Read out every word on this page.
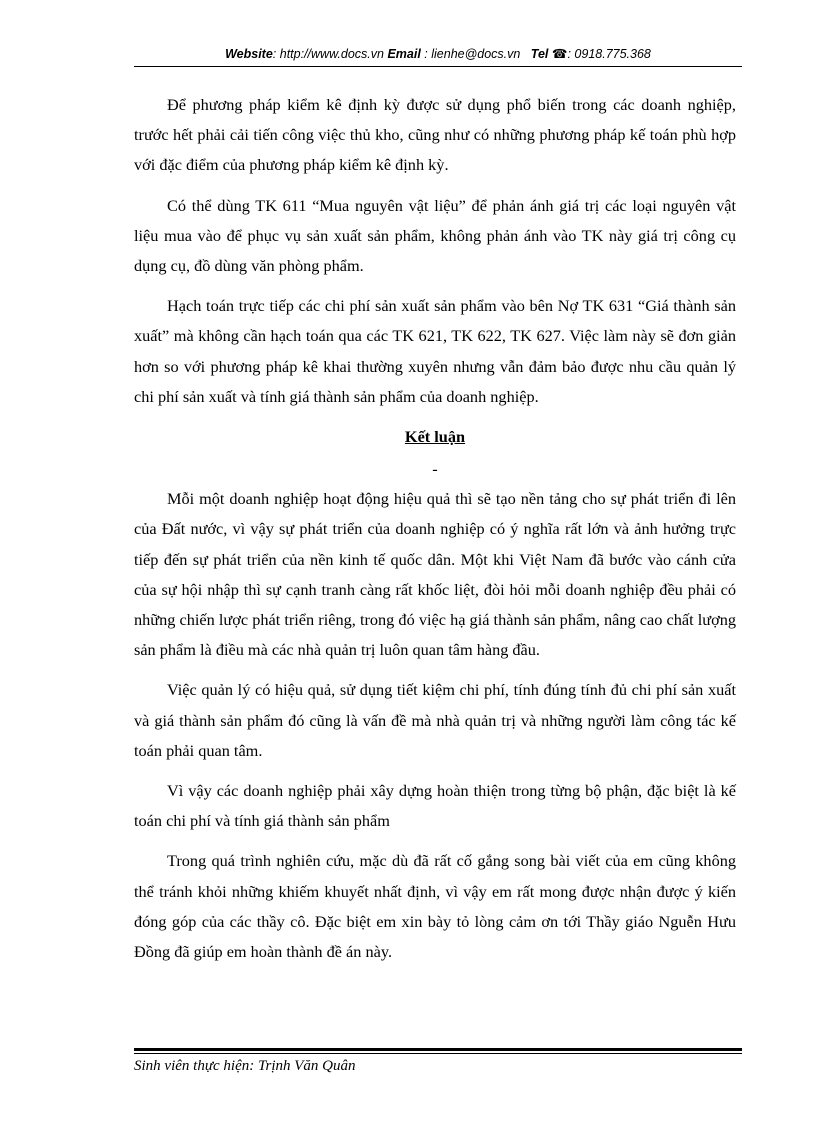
Website: http://www.docs.vn Email : lienhe@docs.vn Tel ☎: 0918.775.368

Để phương pháp kiểm kê định kỳ được sử dụng phổ biến trong các doanh nghiệp, trước hết phải cải tiến công việc thủ kho, cũng như có những phương pháp kế toán phù hợp với đặc điểm của phương pháp kiểm kê định kỳ.

Có thể dùng TK 611 “Mua nguyên vật liệu” để phản ánh giá trị các loại nguyên vật liệu mua vào để phục vụ sản xuất sản phẩm, không phản ánh vào TK này giá trị công cụ dụng cụ, đồ dùng văn phòng phẩm.

Hạch toán trực tiếp các chi phí sản xuất sản phẩm vào bên Nợ TK 631 “Giá thành sản xuất” mà không cần hạch toán qua các TK 621, TK 622, TK 627. Việc làm này sẽ đơn giản hơn so với phương pháp kê khai thường xuyên nhưng vẫn đảm bảo được nhu cầu quản lý chi phí sản xuất và tính giá thành sản phẩm của doanh nghiệp.

Kết luận
-

Mỗi một doanh nghiệp hoạt động hiệu quả thì sẽ tạo nền tảng cho sự phát triển đi lên của Đất nước, vì vậy sự phát triển của doanh nghiệp có ý nghĩa rất lớn và ảnh hưởng trực tiếp đến sự phát triển của nền kinh tế quốc dân. Một khi Việt Nam đã bước vào cánh cửa của sự hội nhập thì sự cạnh tranh càng rất khốc liệt, đòi hỏi mỗi doanh nghiệp đều phải có những chiến lược phát triển riêng, trong đó việc hạ giá thành sản phẩm, nâng cao chất lượng sản phẩm là điều mà các nhà quản trị luôn quan tâm hàng đầu.

Việc quản lý có hiệu quả, sử dụng tiết kiệm chi phí, tính đúng tính đủ chi phí sản xuất và giá thành sản phẩm đó cũng là vấn đề mà nhà quản trị và những người làm công tác kế toán phải quan tâm.

Vì vậy các doanh nghiệp phải xây dựng hoàn thiện trong từng bộ phận, đặc biệt là kế toán chi phí và tính giá thành sản phẩm

Trong quá trình nghiên cứu, mặc dù đã rất cố gắng song bài viết của em cũng không thể tránh khỏi những khiếm khuyết nhất định, vì vậy em rất mong được nhận được ý kiến đóng góp của các thầy cô. Đặc biệt em xin bày tỏ lòng cảm ơn tới Thầy giáo Nguễn Hưu Đồng đã giúp em hoàn thành đề án này.

Sinh viên thực hiện: Trịnh Văn Quân
